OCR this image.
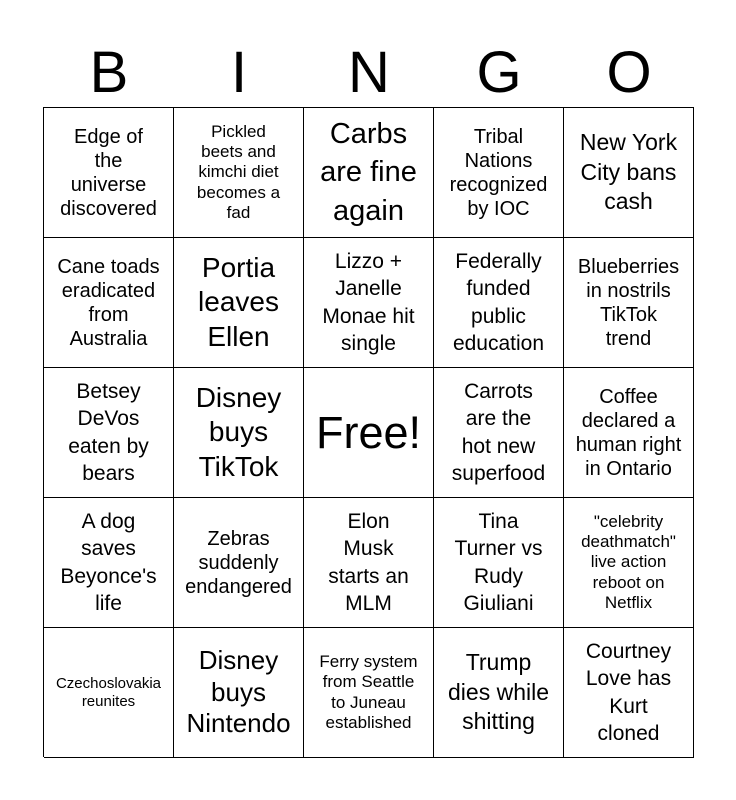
B	I	N	G	O
Edge of
the
universe
discovered
Pickled
beets and
kimchi diet
becomes a
fad
Carbs
are fine
again
Tribal
Nations
recognized
by IOC
New York
City bans
cash
Cane toads
eradicated
from
Australia
Portia
leaves
Ellen
Lizzo +
Janelle
Monae hit
single
Federally
funded
public
education
Blueberries
in nostrils
TikTok
trend
Betsey
DeVos
eaten by
bears
Disney
buys
TikTok
Free!
Carrots
are the
hot new
superfood
Coffee
declared a
human right
in Ontario
A dog
saves
Beyonce's
life
Zebras
suddenly
endangered
Elon
Musk
starts an
MLM
Tina
Turner vs
Rudy
Giuliani
"celebrity
deathmatch"
live action
reboot on
Netflix
Czechoslovakia
reunites
Disney
buys
Nintendo
Ferry system
from Seattle
to Juneau
established
Trump
dies while
shitting
Courtney
Love has
Kurt
cloned
